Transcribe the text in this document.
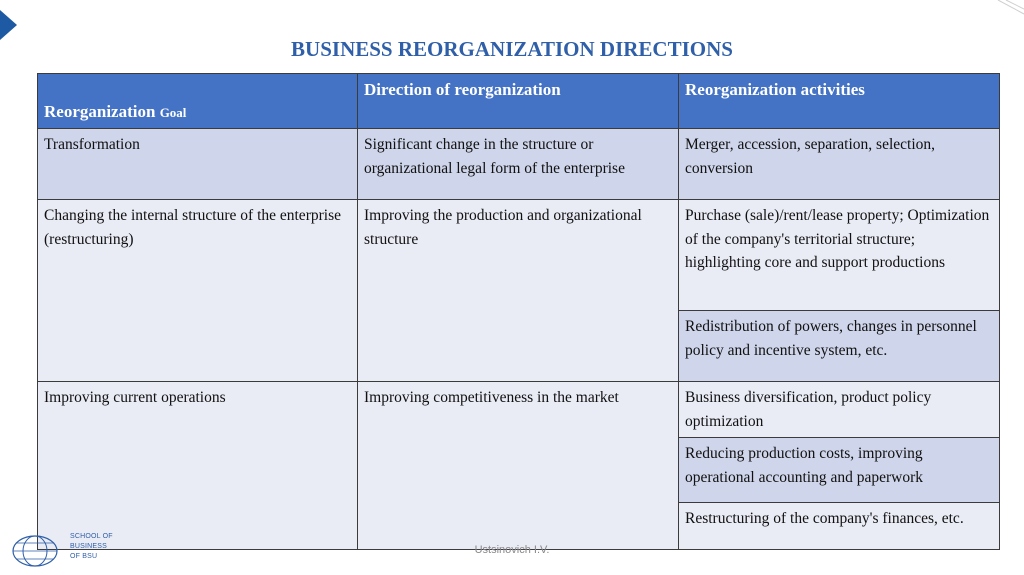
BUSINESS REORGANIZATION DIRECTIONS
Reorganization Goal	Direction of reorganization	Reorganization activities
Transformation	Significant change in the structure or organizational legal form of the enterprise	Merger, accession, separation, selection, conversion
Changing the internal structure of the enterprise (restructuring)	Improving the production and organizational structure	Purchase (sale)/rent/lease property; Optimization of the company's territorial structure; highlighting core and support productions
		Redistribution of powers, changes in personnel policy and incentive system, etc.
Improving current operations	Improving competitiveness in the market	Business diversification, product policy optimization
		Reducing production costs, improving operational accounting and paperwork
		Restructuring of the company's finances, etc.
SCHOOL OF
BUSINESS
OF BSU
Ustsinovich I.V.
